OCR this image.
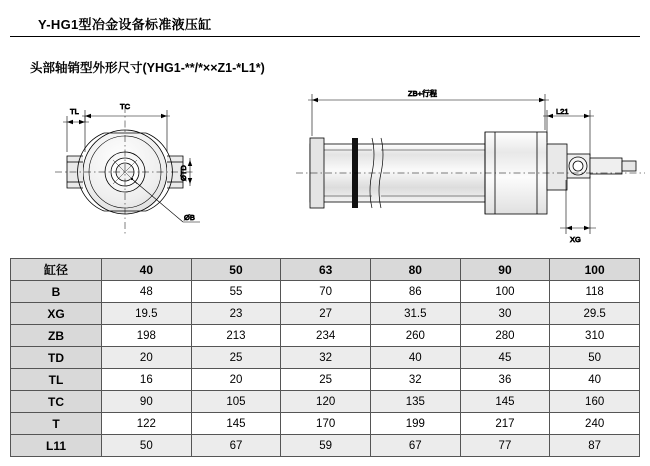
Y-HG1型冶金设备标准液压缸
头部轴销型外形尺寸(YHG1-**/*××Z1-*L1*)
TL
TC
ØTD
ØB
ZB+行程
L21
XG
缸径	40	50	63	80	90	100
B	48	55	70	86	100	118
XG	19.5	23	27	31.5	30	29.5
ZB	198	213	234	260	280	310
TD	20	25	32	40	45	50
TL	16	20	25	32	36	40
TC	90	105	120	135	145	160
T	122	145	170	199	217	240
L11	50	67	59	67	77	87
